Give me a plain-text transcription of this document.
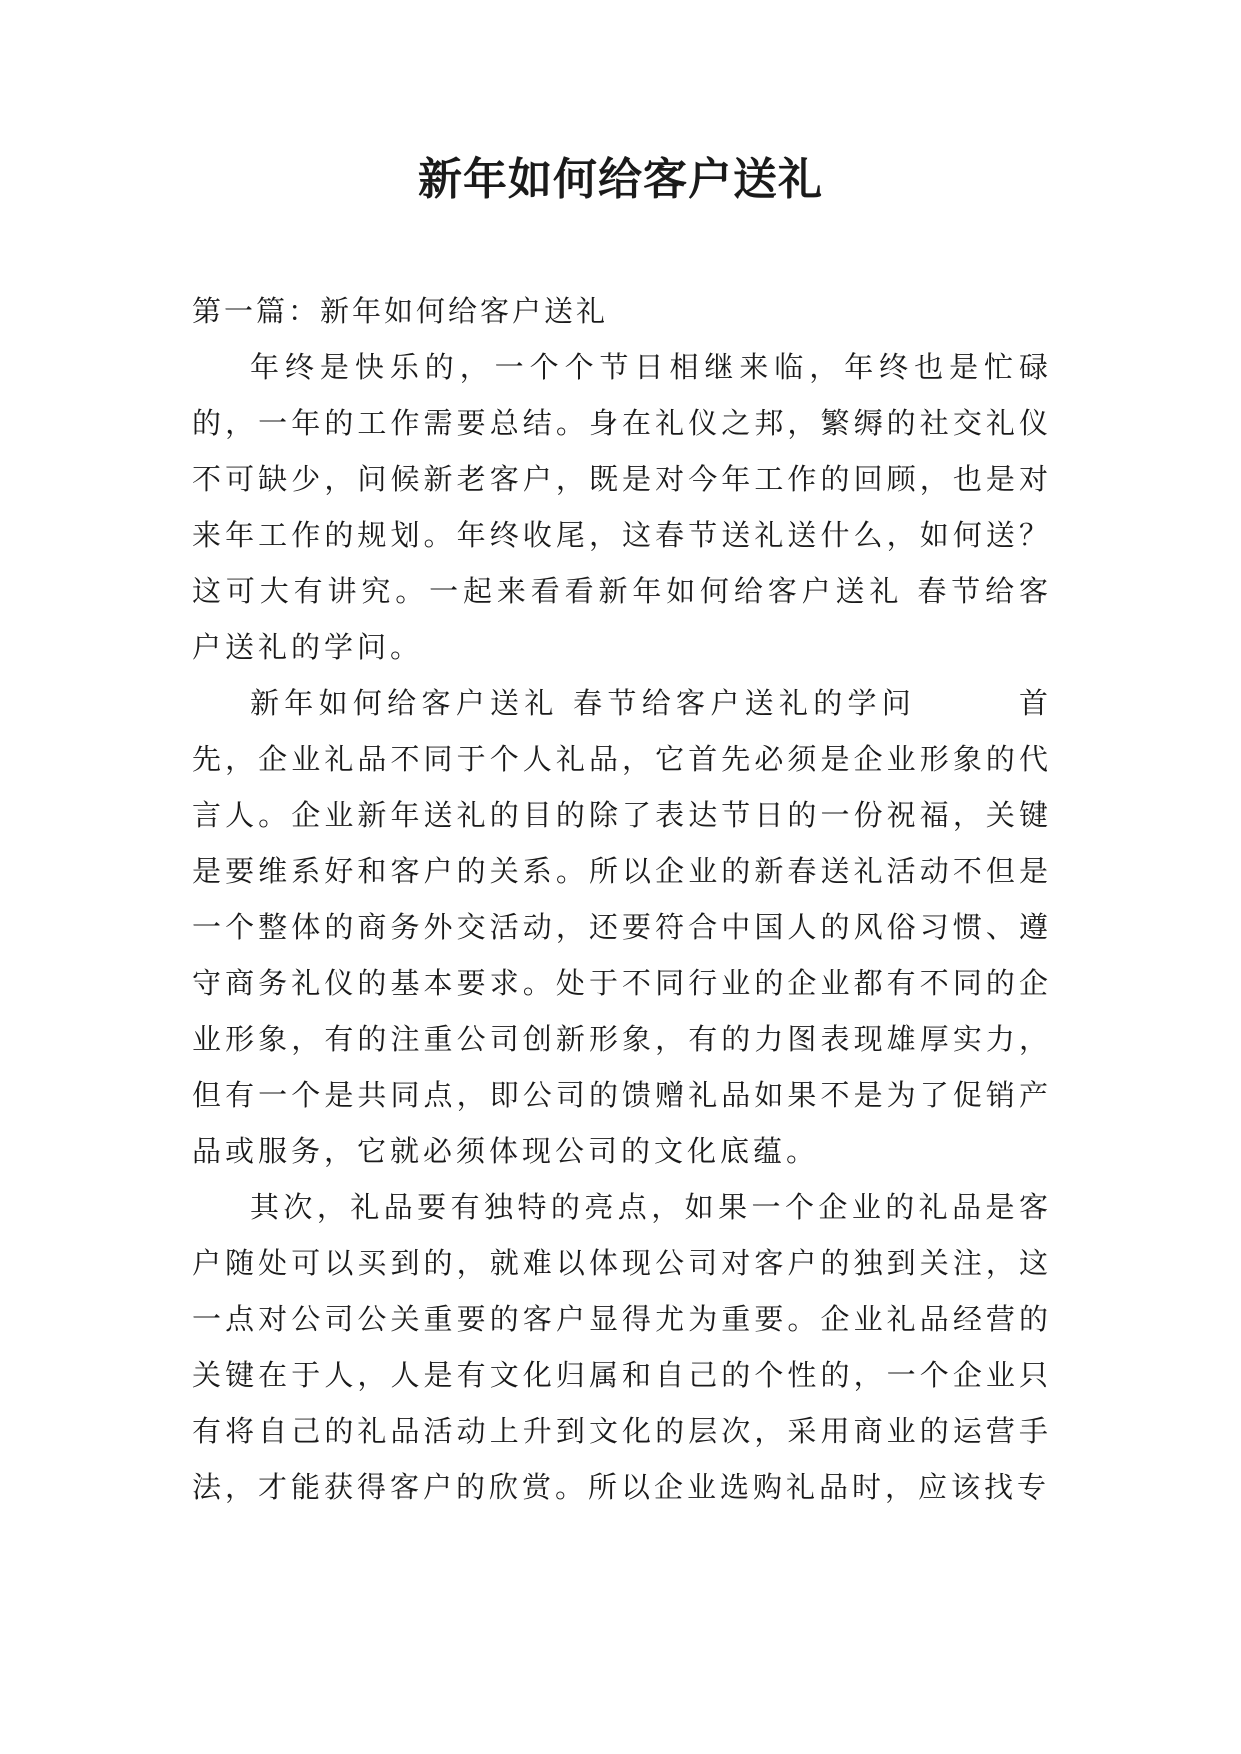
新年如何给客户送礼

第一篇：新年如何给客户送礼

年终是快乐的，一个个节日相继来临，年终也是忙碌的，一年的工作需要总结。身在礼仪之邦，繁缛的社交礼仪不可缺少，问候新老客户，既是对今年工作的回顾，也是对来年工作的规划。年终收尾，这春节送礼送什么，如何送？这可大有讲究。一起来看看新年如何给客户送礼 春节给客户送礼的学问。

新年如何给客户送礼 春节给客户送礼的学问　　　首先，企业礼品不同于个人礼品，它首先必须是企业形象的代言人。企业新年送礼的目的除了表达节日的一份祝福，关键是要维系好和客户的关系。所以企业的新春送礼活动不但是一个整体的商务外交活动，还要符合中国人的风俗习惯、遵守商务礼仪的基本要求。处于不同行业的企业都有不同的企业形象，有的注重公司创新形象，有的力图表现雄厚实力，但有一个是共同点，即公司的馈赠礼品如果不是为了促销产品或服务，它就必须体现公司的文化底蕴。

其次，礼品要有独特的亮点，如果一个企业的礼品是客户随处可以买到的，就难以体现公司对客户的独到关注，这一点对公司公关重要的客户显得尤为重要。企业礼品经营的关键在于人，人是有文化归属和自己的个性的，一个企业只有将自己的礼品活动上升到文化的层次，采用商业的运营手法，才能获得客户的欣赏。所以企业选购礼品时，应该找专
